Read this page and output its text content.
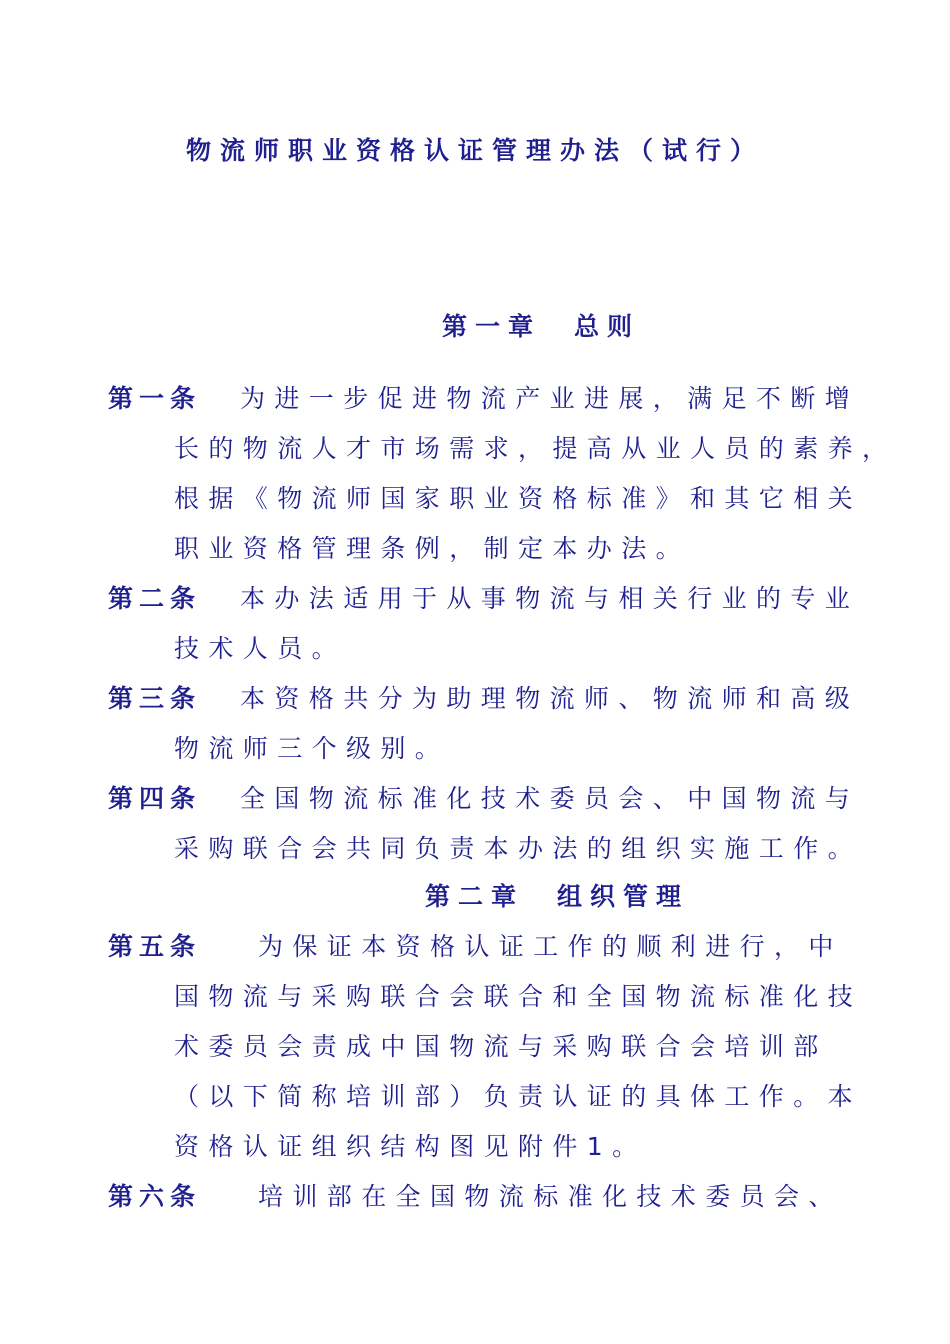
物流师职业资格认证管理办法（试行）
第一章　总则
第一条 为进一步促进物流产业进展，满足不断增
长的物流人才市场需求，提高从业人员的素养，
根据《物流师国家职业资格标准》和其它相关
职业资格管理条例，制定本办法。
第二条 本办法适用于从事物流与相关行业的专业
技术人员。
第三条 本资格共分为助理物流师、物流师和高级
物流师三个级别。
第四条 全国物流标准化技术委员会、中国物流与
采购联合会共同负责本办法的组织实施工作。
第二章　组织管理
第五条 为保证本资格认证工作的顺利进行，中
国物流与采购联合会联合和全国物流标准化技
术委员会责成中国物流与采购联合会培训部
（以下简称培训部）负责认证的具体工作。本
资格认证组织结构图见附件1。
第六条 培训部在全国物流标准化技术委员会、
